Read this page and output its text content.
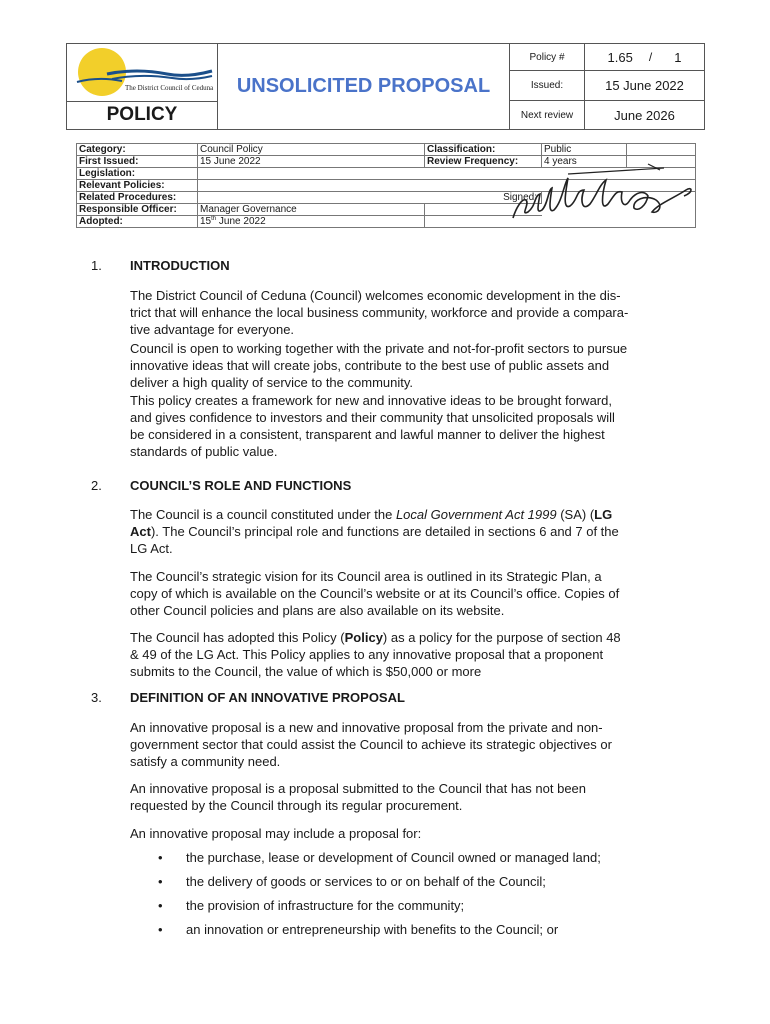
The District Council of Ceduna
POLICY
UNSOLICITED PROPOSAL
Policy #	1.65 / 1
Issued:	15 June 2022
Next review	June 2026
Category:	Council Policy	Classification:	Public	
First Issued:	15 June 2022	Review Frequency:	4 years	
Legislation:				
Relevant Policies:				
Related Procedures:		Signed:		
Responsible Officer:	Manager Governance			
Adopted:	15th June 2022			
1. INTRODUCTION
The District Council of Ceduna (Council) welcomes economic development in the dis-
trict that will enhance the local business community, workforce and provide a compara-
tive advantage for everyone.
Council is open to working together with the private and not-for-profit sectors to pursue
innovative ideas that will create jobs, contribute to the best use of public assets and
deliver a high quality of service to the community.
This policy creates a framework for new and innovative ideas to be brought forward,
and gives confidence to investors and their community that unsolicited proposals will
be considered in a consistent, transparent and lawful manner to deliver the highest
standards of public value.
2. COUNCIL’S ROLE AND FUNCTIONS
The Council is a council constituted under the Local Government Act 1999 (SA) (LG
Act). The Council’s principal role and functions are detailed in sections 6 and 7 of the
LG Act.
The Council’s strategic vision for its Council area is outlined in its Strategic Plan, a
copy of which is available on the Council’s website or at its Council’s office. Copies of
other Council policies and plans are also available on its website.
The Council has adopted this Policy (Policy) as a policy for the purpose of section 48
& 49 of the LG Act. This Policy applies to any innovative proposal that a proponent
submits to the Council, the value of which is $50,000 or more
3. DEFINITION OF AN INNOVATIVE PROPOSAL
An innovative proposal is a new and innovative proposal from the private and non-
government sector that could assist the Council to achieve its strategic objectives or
satisfy a community need.
An innovative proposal is a proposal submitted to the Council that has not been
requested by the Council through its regular procurement.
An innovative proposal may include a proposal for:
• the purchase, lease or development of Council owned or managed land;
• the delivery of goods or services to or on behalf of the Council;
• the provision of infrastructure for the community;
• an innovation or entrepreneurship with benefits to the Council; or
